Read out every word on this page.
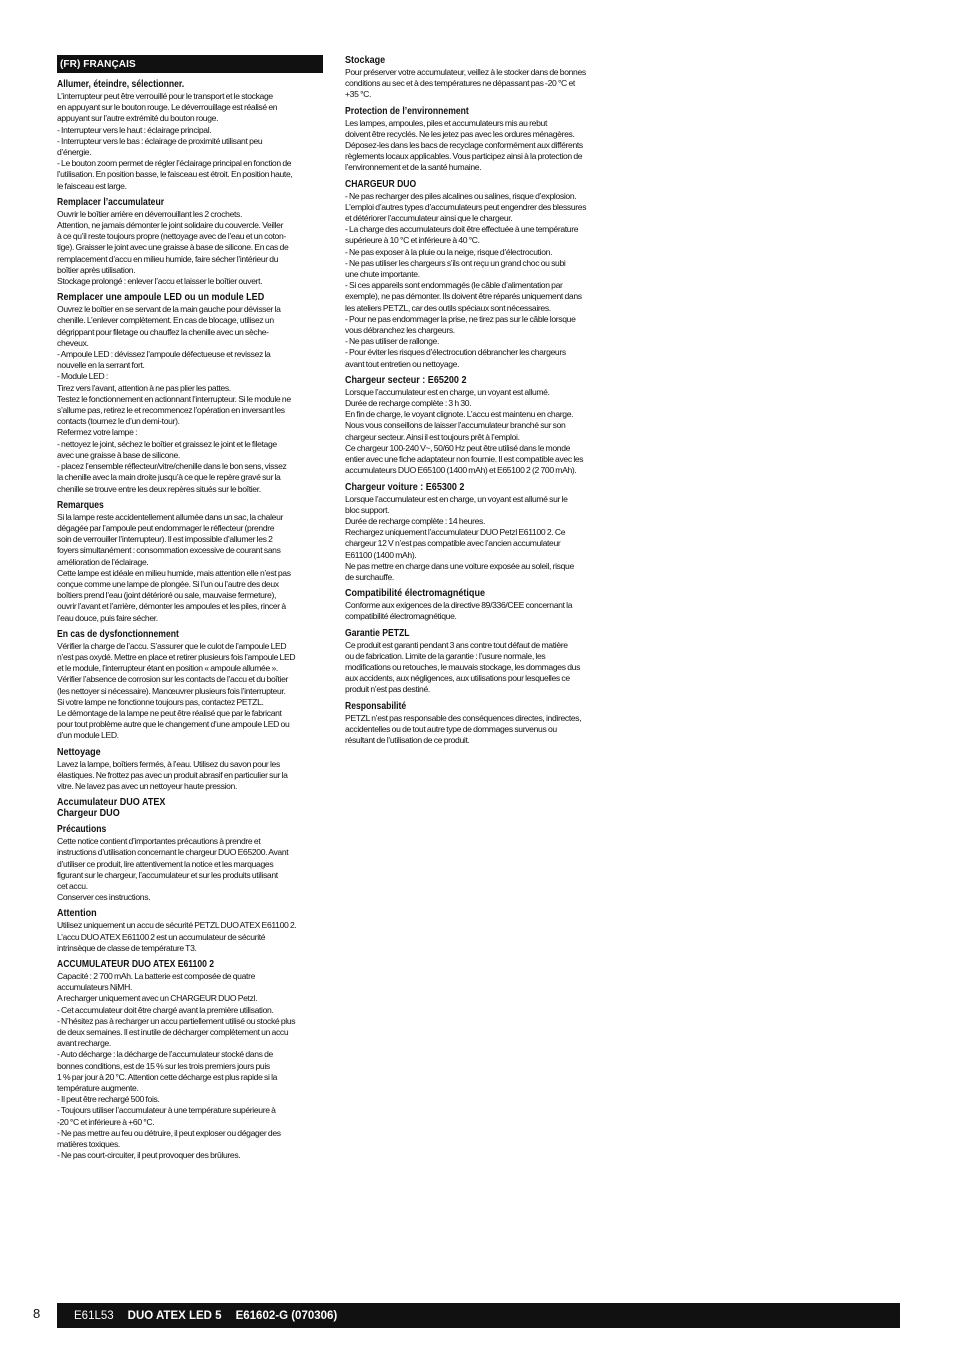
(FR) FRANÇAIS
Allumer, éteindre, sélectionner.

L’interrupteur peut être verrouillé pour le transport et le stockage
en appuyant sur le bouton rouge. Le déverrouillage est réalisé en
appuyant sur l’autre extrémité du bouton rouge.
- Interrupteur vers le haut : éclairage principal.
- Interrupteur vers le bas : éclairage de proximité utilisant peu
d’énergie.
- Le bouton zoom permet de régler l’éclairage principal en fonction de
l’utilisation. En position basse, le faisceau est étroit. En position haute,
le faisceau est large.

Remplacer l’accumulateur

Ouvrir le boîtier arrière en déverrouillant les 2 crochets.
Attention, ne jamais démonter le joint solidaire du couvercle. Veiller
à ce qu’il reste toujours propre (nettoyage avec de l’eau et un coton-
tige). Graisser le joint avec une graisse à base de silicone. En cas de
remplacement d’accu en milieu humide, faire sécher l’intérieur du
boîtier après utilisation.
Stockage prolongé : enlever l’accu et laisser le boîtier ouvert.

Remplacer une ampoule LED ou un module LED

Ouvrez le boîtier en se servant de la main gauche pour dévisser la
chenille. L’enlever complètement. En cas de blocage, utilisez un
dégrippant pour filetage ou chauffez la chenille avec un sèche-
cheveux.
- Ampoule LED : dévissez l’ampoule défectueuse et revissez la
nouvelle en la serrant fort.
- Module LED :
Tirez vers l’avant, attention à ne pas plier les pattes.
Testez le fonctionnement en actionnant l’interrupteur. Si le module ne
s’allume pas, retirez le et recommencez l’opération en inversant les
contacts (tournez le d’un demi-tour).
Refermez votre lampe :
- nettoyez le joint, séchez le boîtier et graissez le joint et le filetage
avec une graisse à base de silicone.
- placez l’ensemble réflecteur/vitre/chenille dans le bon sens, vissez
la chenille avec la main droite jusqu’à ce que le repère gravé sur la
chenille se trouve entre les deux repères situés sur le boîtier.

Remarques

Si la lampe reste accidentellement allumée dans un sac, la chaleur
dégagée par l’ampoule peut endommager le réflecteur (prendre
soin de verrouiller l’interrupteur). Il est impossible d’allumer les 2
foyers simultanément : consommation excessive de courant sans
amélioration de l’éclairage.
Cette lampe est idéale en milieu humide, mais attention elle n’est pas
conçue comme une lampe de plongée. Si l’un ou l’autre des deux
boîtiers prend l’eau (joint détérioré ou sale, mauvaise fermeture),
ouvrir l’avant et l’arrière, démonter les ampoules et les piles, rincer à
l’eau douce, puis faire sécher.

En cas de dysfonctionnement

Vérifier la charge de l’accu. S’assurer que le culot de l’ampoule LED
n’est pas oxydé. Mettre en place et retirer plusieurs fois l’ampoule LED
et le module, l’interrupteur étant en position « ampoule allumée ».
Vérifier l’absence de corrosion sur les contacts de l’accu et du boîtier
(les nettoyer si nécessaire). Manœuvrer plusieurs fois l’interrupteur.
Si votre lampe ne fonctionne toujours pas, contactez PETZL.
Le démontage de la lampe ne peut être réalisé que par le fabricant
pour tout problème autre que le changement d’une ampoule LED ou
d’un module LED.

Nettoyage

Lavez la lampe, boîtiers fermés, à l’eau. Utilisez du savon pour les
élastiques. Ne frottez pas avec un produit abrasif en particulier sur la
vitre. Ne lavez pas avec un nettoyeur haute pression.

Accumulateur DUO ATEX
Chargeur DUO
Précautions

Cette notice contient d’importantes précautions à prendre et
instructions d’utilisation concernant le chargeur DUO E65200. Avant
d’utiliser ce produit, lire attentivement la notice et les marquages
figurant sur le chargeur, l’accumulateur et sur les produits utilisant
cet accu.
Conserver ces instructions.

Attention

Utilisez uniquement un accu de sécurité PETZL DUO ATEX E61100 2.
L’accu DUO ATEX E61100 2 est un accumulateur de sécurité
intrinsèque de classe de température T3.

ACCUMULATEUR DUO ATEX E61100 2

Capacité : 2 700 mAh. La batterie est composée de quatre
accumulateurs NiMH.
A recharger uniquement avec un CHARGEUR DUO Petzl.
- Cet accumulateur doit être chargé avant la première utilisation.
- N’hésitez pas à recharger un accu partiellement utilisé ou stocké plus
de deux semaines. Il est inutile de décharger complètement un accu
avant recharge.
- Auto décharge : la décharge de l’accumulateur stocké dans de
bonnes conditions, est de 15 % sur les trois premiers jours puis
1 % par jour à 20 °C. Attention cette décharge est plus rapide si la
température augmente.
- Il peut être rechargé 500 fois.
- Toujours utiliser l’accumulateur à une température supérieure à
-20 °C et inférieure à +60 °C.
- Ne pas mettre au feu ou détruire, il peut exploser ou dégager des
matières toxiques.
- Ne pas court-circuiter, il peut provoquer des brûlures.

Stockage

Pour préserver votre accumulateur, veillez à le stocker dans de bonnes
conditions au sec et à des températures ne dépassant pas -20 °C et
+35 °C.

Protection de l’environnement

Les lampes, ampoules, piles et accumulateurs mis au rebut
doivent être recyclés. Ne les jetez pas avec les ordures ménagères.
Déposez-les dans les bacs de recyclage conformément aux différents
règlements locaux applicables. Vous participez ainsi à la protection de
l’environnement et de la santé humaine.

CHARGEUR DUO

- Ne pas recharger des piles alcalines ou salines, risque d’explosion.
L’emploi d’autres types d’accumulateurs peut engendrer des blessures
et détériorer l’accumulateur ainsi que le chargeur.
- La charge des accumulateurs doit être effectuée à une température
supérieure à 10 °C et inférieure à 40 °C.
- Ne pas exposer à la pluie ou la neige, risque d’électrocution.
- Ne pas utiliser les chargeurs s’ils ont reçu un grand choc ou subi
une chute importante.
- Si ces appareils sont endommagés (le câble d’alimentation par
exemple), ne pas démonter. Ils doivent être réparés uniquement dans
les ateliers PETZL, car des outils spéciaux sont nécessaires.
- Pour ne pas endommager la prise, ne tirez pas sur le câble lorsque
vous débranchez les chargeurs.
- Ne pas utiliser de rallonge.
- Pour éviter les risques d’électrocution débrancher les chargeurs
avant tout entretien ou nettoyage.

Chargeur secteur : E65200 2

Lorsque l’accumulateur est en charge, un voyant est allumé.
Durée de recharge complète : 3 h 30.
En fin de charge, le voyant clignote. L’accu est maintenu en charge.
Nous vous conseillons de laisser l’accumulateur branché sur son
chargeur secteur. Ainsi il est toujours prêt à l’emploi.
Ce chargeur 100-240 V~, 50/60 Hz peut être utilisé dans le monde
entier avec une fiche adaptateur non fournie. Il est compatible avec les
accumulateurs DUO E65100 (1400 mAh) et E65100 2 (2 700 mAh).

Chargeur voiture : E65300 2

Lorsque l’accumulateur est en charge, un voyant est allumé sur le
bloc support.
Durée de recharge complète : 14 heures.
Rechargez uniquement l’accumulateur DUO Petzl E61100 2. Ce
chargeur 12 V n’est pas compatible avec l’ancien accumulateur
E61100 (1400 mAh).
Ne pas mettre en charge dans une voiture exposée au soleil, risque
de surchauffe.

Compatibilité électromagnétique

Conforme aux exigences de la directive 89/336/CEE concernant la
compatibilité électromagnétique.

Garantie PETZL

Ce produit est garanti pendant 3 ans contre tout défaut de matière
ou de fabrication. Limite de la garantie : l’usure normale, les
modifications ou retouches, le mauvais stockage, les dommages dus
aux accidents, aux négligences, aux utilisations pour lesquelles ce
produit n’est pas destiné.

Responsabilité

PETZL n’est pas responsable des conséquences directes, indirectes,
accidentelles ou de tout autre type de dommages survenus ou
résultant de l’utilisation de ce produit.

8	E61L53 DUO ATEX LED 5 E61602-G (070306)
